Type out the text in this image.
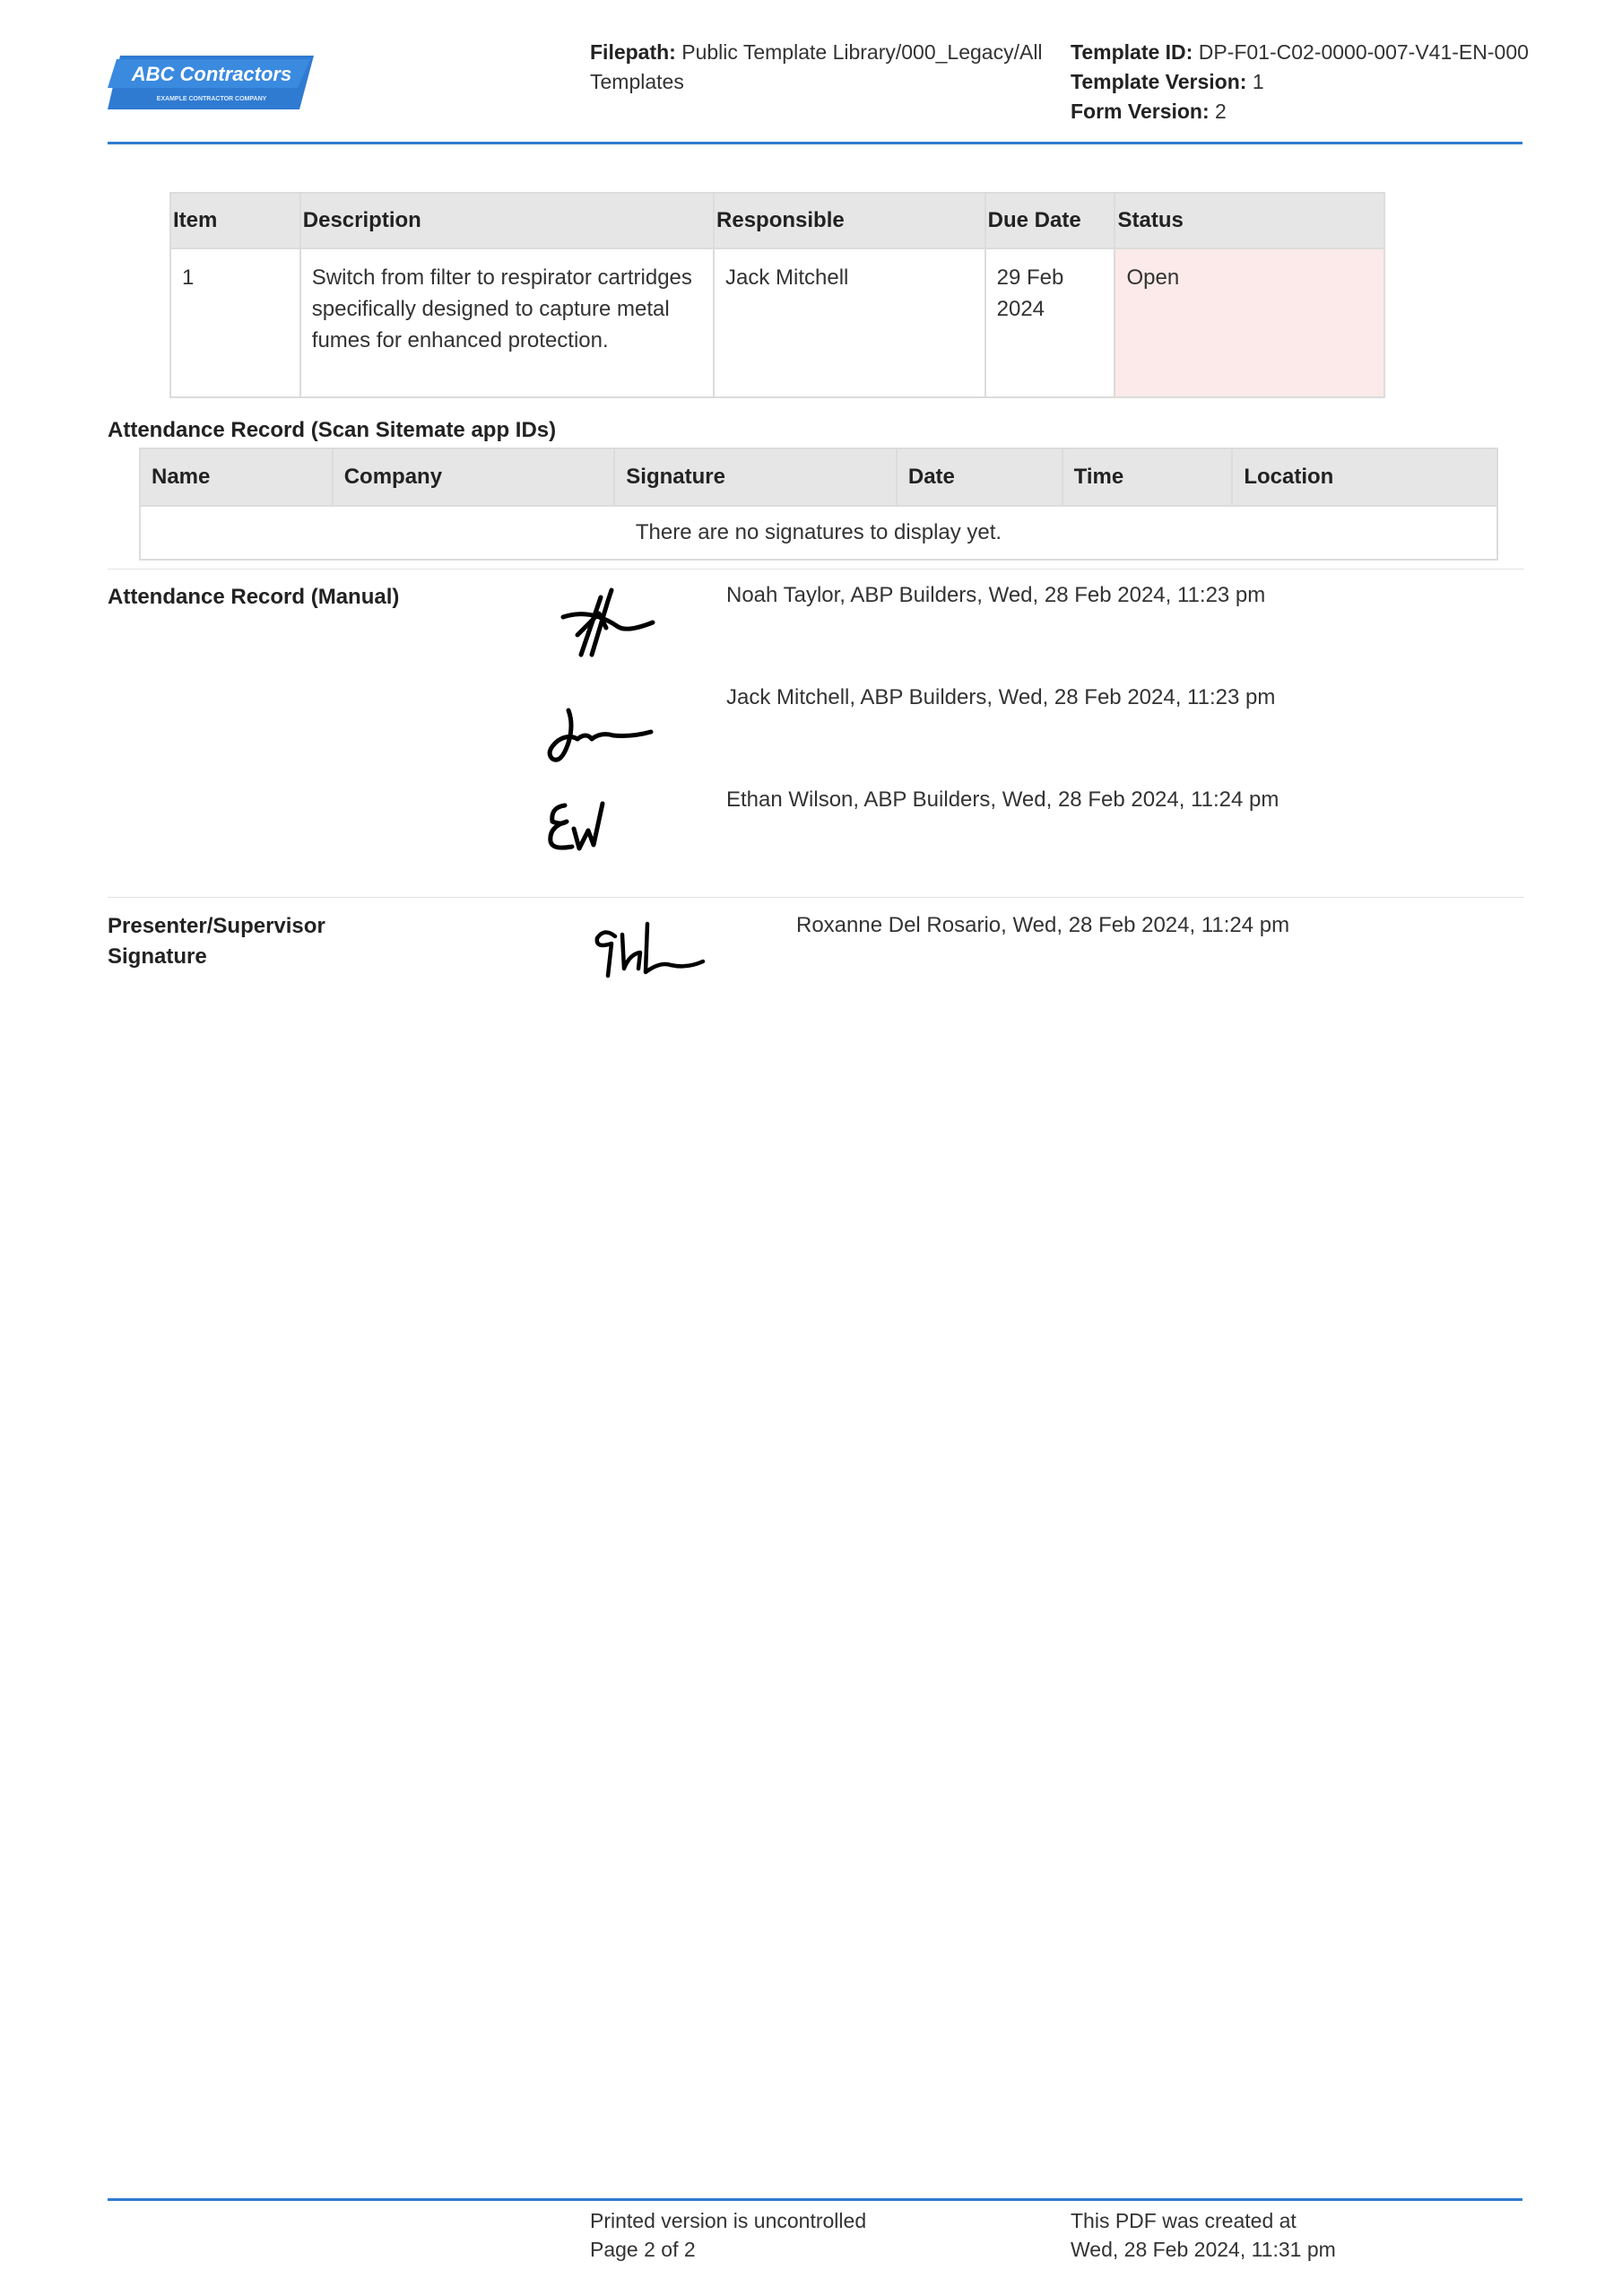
ABC Contractors
EXAMPLE CONTRACTOR COMPANY
Filepath: Public Template Library/000_Legacy/All
Templates
Template ID: DP-F01-C02-0000-007-V41-EN-000
Template Version: 1
Form Version: 2
Item	Description	Responsible	Due Date	Status
1	Switch from filter to respirator cartridges specifically designed to capture metal fumes for enhanced protection.	Jack Mitchell	29 Feb 2024	Open
Attendance Record (Scan Sitemate app IDs)
Name	Company	Signature	Date	Time	Location
There are no signatures to display yet.
Attendance Record (Manual)	Noah Taylor, ABP Builders, Wed, 28 Feb 2024, 11:23 pm
Jack Mitchell, ABP Builders, Wed, 28 Feb 2024, 11:23 pm
Ethan Wilson, ABP Builders, Wed, 28 Feb 2024, 11:24 pm
Presenter/Supervisor
Signature
Roxanne Del Rosario, Wed, 28 Feb 2024, 11:24 pm
Printed version is uncontrolled
Page 2 of 2
This PDF was created at
Wed, 28 Feb 2024, 11:31 pm
